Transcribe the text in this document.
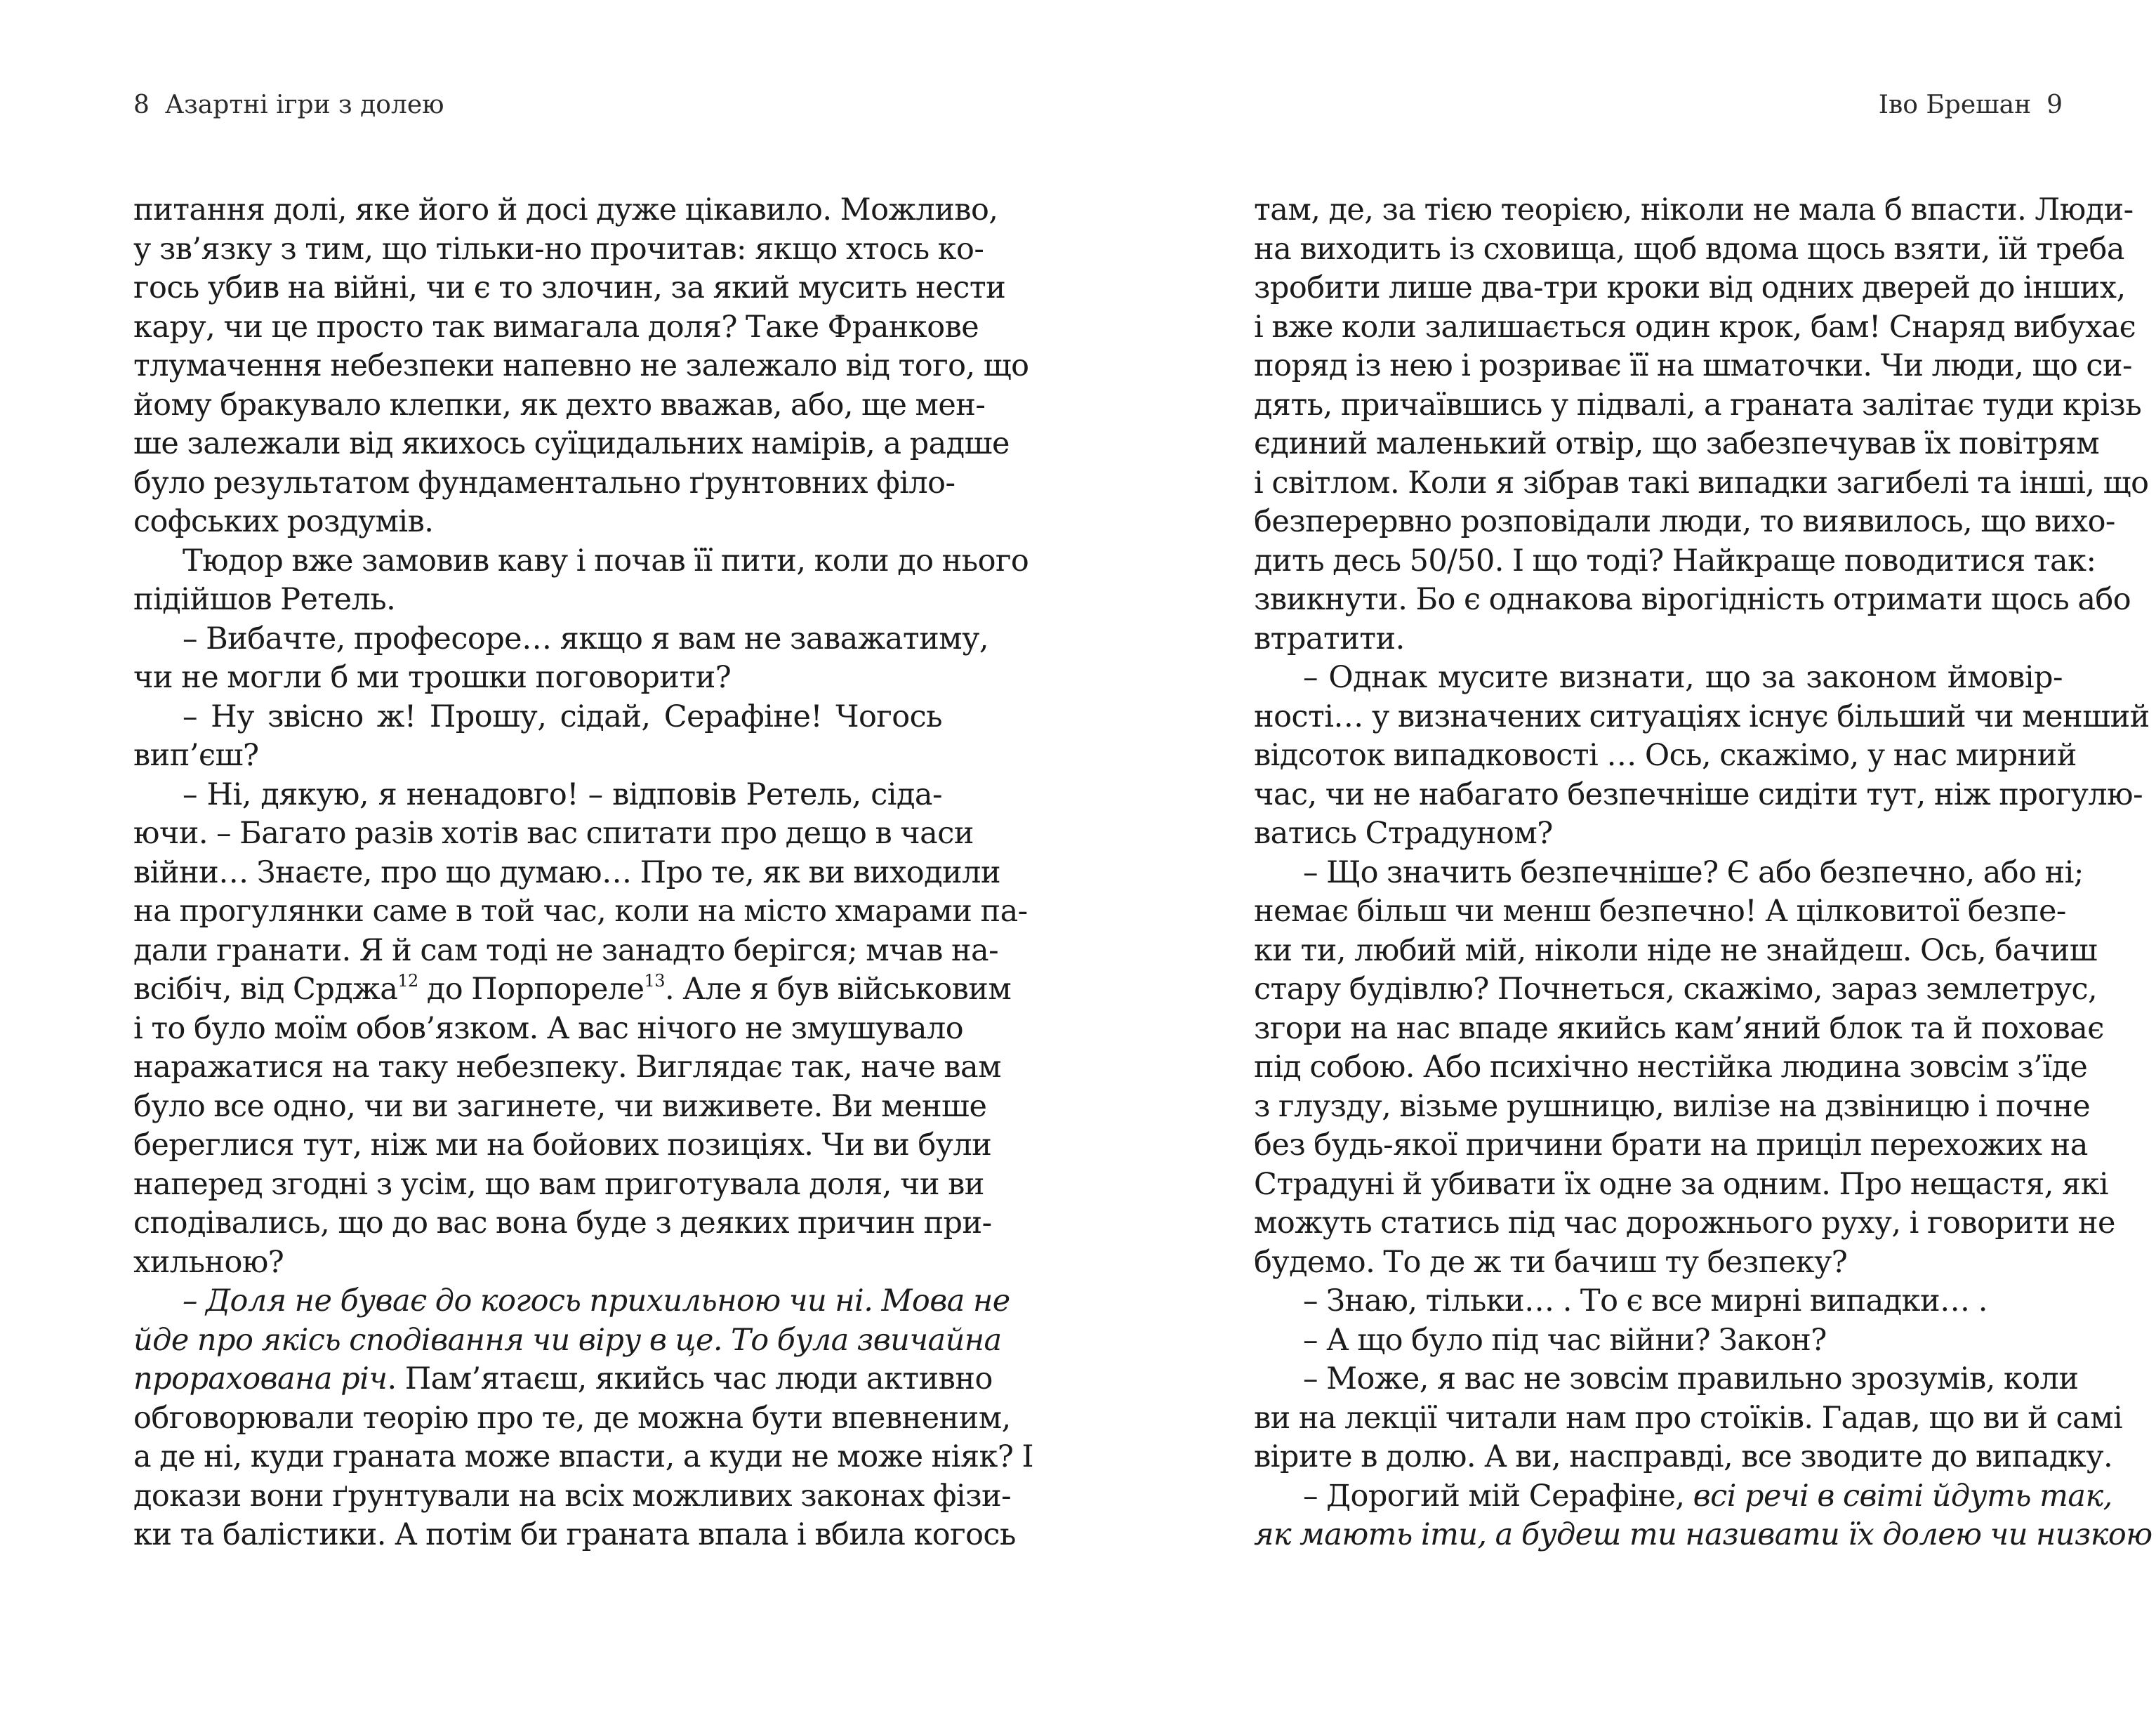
8 Азартні ігри з долею
питання долі, яке його й досі дуже цікавило. Можливо,
у зв’язку з тим, що тільки-но прочитав: якщо хтось ко-
гось убив на війні, чи є то злочин, за який мусить нести
кару, чи це просто так вимагала доля? Таке Франкове
тлумачення небезпеки напевно не залежало від того, що
йому бракувало клепки, як дехто вважав, або, ще мен-
ше залежали від якихось суїцидальних намірів, а радше
було результатом фундаментально ґрунтовних філо-
софських роздумів.
Тюдор вже замовив каву і почав її пити, коли до нього
підійшов Ретель.
– Вибачте, професоре… якщо я вам не заважатиму,
чи не могли б ми трошки поговорити?
– Ну звісно ж! Прошу, сідай, Серафіне! Чогось
вип’єш?
– Ні, дякую, я ненадовго! – відповів Ретель, сіда-
ючи. – Багато разів хотів вас спитати про дещо в часи
війни… Знаєте, про що думаю… Про те, як ви виходили
на прогулянки саме в той час, коли на місто хмарами па-
дали гранати. Я й сам тоді не занадто берігся; мчав на-
всібіч, від Срджа$^{12}$ до Порпореле$^{13}$. Але я був військовим
і то було моїм обов’язком. А вас нічого не змушувало
наражатися на таку небезпеку. Виглядає так, наче вам
було все одно, чи ви загинете, чи виживете. Ви менше
береглися тут, ніж ми на бойових позиціях. Чи ви були
наперед згодні з усім, що вам приготувала доля, чи ви
сподівались, що до вас вона буде з деяких причин при-
хильною?
– Доля не буває до когось прихильною чи ні. Мова не
йде про якісь сподівання чи віру в це. То була звичайна
прорахована річ. Пам’ятаєш, якийсь час люди активно
обговорювали теорію про те, де можна бути впевненим,
а де ні, куди граната може впасти, а куди не може ніяк? І
докази вони ґрунтували на всіх можливих законах фізи-
ки та балістики. А потім би граната впала і вбила когось
Іво Брешан 9
там, де, за тією теорією, ніколи не мала б впасти. Люди-
на виходить із сховища, щоб вдома щось взяти, їй треба
зробити лише два-три кроки від одних дверей до інших,
і вже коли залишається один крок, бам! Снаряд вибухає
поряд із нею і розриває її на шматочки. Чи люди, що си-
дять, причаївшись у підвалі, а граната залітає туди крізь
єдиний маленький отвір, що забезпечував їх повітрям
і світлом. Коли я зібрав такі випадки загибелі та інші, що
безперервно розповідали люди, то виявилось, що вихо-
дить десь 50/50. І що тоді? Найкраще поводитися так:
звикнути. Бо є однакова вірогідність отримати щось або
втратити.
– Однак мусите визнати, що за законом ймовір-
ності… у визначених ситуаціях існує більший чи менший
відсоток випадковості … Ось, скажімо, у нас мирний
час, чи не набагато безпечніше сидіти тут, ніж прогулю-
ватись Страдуном?
– Що значить безпечніше? Є або безпечно, або ні;
немає більш чи менш безпечно! А цілковитої безпе-
ки ти, любий мій, ніколи ніде не знайдеш. Ось, бачиш
стару будівлю? Почнеться, скажімо, зараз землетрус,
згори на нас впаде якийсь кам’яний блок та й поховає
під собою. Або психічно нестійка людина зовсім з’їде
з глузду, візьме рушницю, вилізе на дзвіницю і почне
без будь-якої причини брати на приціл перехожих на
Страдуні й убивати їх одне за одним. Про нещастя, які
можуть статись під час дорожнього руху, і говорити не
будемо. То де ж ти бачиш ту безпеку?
– Знаю, тільки… . То є все мирні випадки… .
– А що було під час війни? Закон?
– Може, я вас не зовсім правильно зрозумів, коли
ви на лекції читали нам про стоїків. Гадав, що ви й самі
вірите в долю. А ви, насправді, все зводите до випадку.
– Дорогий мій Серафіне, всі речі в світі йдуть так,
як мають іти, а будеш ти називати їх долею чи низкою
